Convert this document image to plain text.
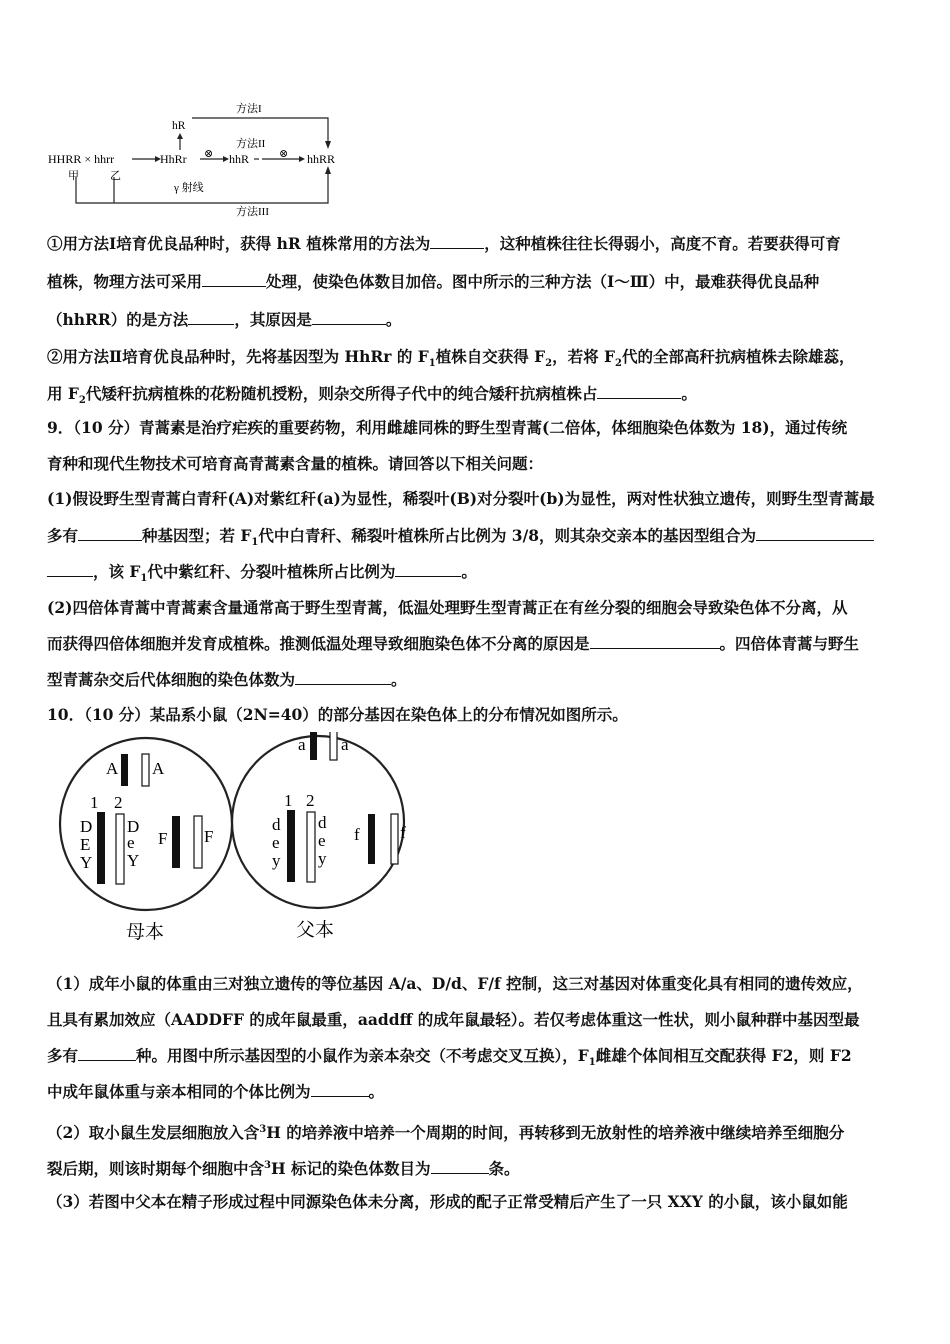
方法I
hR
方法II
HHRR × hhrr	HhRr ⊗ hhR	⊗ hhRR
甲	乙
γ 射线
方法III
①用方法Ⅰ培育优良品种时，获得 hR 植株常用的方法为	，这种植株往往长得弱小，高度不育。若要获得可育
植株，物理方法可采用	处理，使染色体数目加倍。图中所示的三种方法（Ⅰ～Ⅲ）中，最难获得优良品种
（hhRR）的是方法	，其原因是	。
②用方法Ⅱ培育优良品种时，先将基因型为 HhRr 的 $F_1$植株自交获得 $F_2$，若将 $F_2$代的全部高秆抗病植株去除雄蕊，
用 $F_2$代矮秆抗病植株的花粉随机授粉，则杂交所得子代中的纯合矮秆抗病植株占	。
9．（10 分）青蒿素是治疗疟疾的重要药物，利用雌雄同株的野生型青蒿(二倍体，体细胞染色体数为 18)，通过传统
育种和现代生物技术可培育高青蒿素含量的植株。请回答以下相关问题：
(1)假设野生型青蒿白青秆(A)对紫红秆(a)为显性，稀裂叶(B)对分裂叶(b)为显性，两对性状独立遗传，则野生型青蒿最
多有	种基因型；若 $F_1$代中白青秆、稀裂叶植株所占比例为 3/8，则其杂交亲本的基因型组合为
，该 $F_1$代中紫红秆、分裂叶植株所占比例为	。
(2)四倍体青蒿中青蒿素含量通常高于野生型青蒿，低温处理野生型青蒿正在有丝分裂的细胞会导致染色体不分离，从
而获得四倍体细胞并发育成植株。推测低温处理导致细胞染色体不分离的原因是	。四倍体青蒿与野生
型青蒿杂交后代体细胞的染色体数为	。
10．（10 分）某品系小鼠（2N=40）的部分基因在染色体上的分布情况如图所示。
A A
1 2
D
E
Y
D
e
Y
F F
母本
a a
1 2
d
e
y
d
e
y
f f
父本
（1）成年小鼠的体重由三对独立遗传的等位基因 A/a、D/d、F/f 控制，这三对基因对体重变化具有相同的遗传效应，
且具有累加效应（AADDFF 的成年鼠最重，aaddff 的成年鼠最轻）。若仅考虑体重这一性状，则小鼠种群中基因型最
多有	种。用图中所示基因型的小鼠作为亲本杂交（不考虑交叉互换），$F_1$雌雄个体间相互交配获得 F2，则 F2
中成年鼠体重与亲本相同的个体比例为	。
（2）取小鼠生发层细胞放入含$^3$H 的培养液中培养一个周期的时间，再转移到无放射性的培养液中继续培养至细胞分
裂后期，则该时期每个细胞中含$^3$H 标记的染色体数目为	条。
（3）若图中父本在精子形成过程中同源染色体未分离，形成的配子正常受精后产生了一只 XXY 的小鼠，该小鼠如能
